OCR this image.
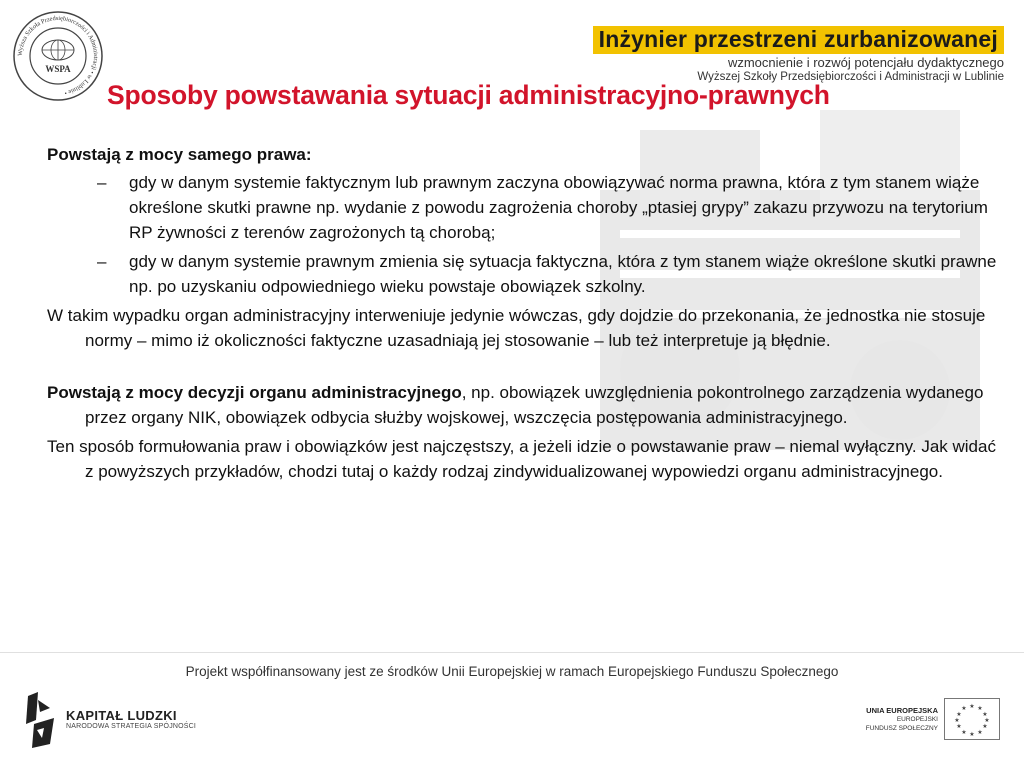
Wyższa Szkoła Przedsiębiorczości i Administracji • w Lublinie •
WSPA
Inżynier przestrzeni zurbanizowanej
wzmocnienie i rozwój potencjału dydaktycznego
Wyższej Szkoły Przedsiębiorczości i Administracji w Lublinie
Sposoby powstawania sytuacji administracyjno-prawnych

Powstają z mocy samego prawa:

– gdy w danym systemie faktycznym lub prawnym zaczyna obowiązywać norma prawna, która z tym stanem wiąże określone skutki prawne np. wydanie z powodu zagrożenia choroby „ptasiej grypy” zakazu przywozu na terytorium RP żywności z terenów zagrożonych tą chorobą;

– gdy w danym systemie prawnym zmienia się sytuacja faktyczna, która z tym stanem wiąże określone skutki prawne np. po uzyskaniu odpowiedniego wieku powstaje obowiązek szkolny.

W takim wypadku organ administracyjny interweniuje jedynie wówczas, gdy dojdzie do przekonania, że jednostka nie stosuje normy – mimo iż okoliczności faktyczne uzasadniają jej stosowanie – lub też interpretuje ją błędnie.

Powstają z mocy decyzji organu administracyjnego, np. obowiązek uwzględnienia pokontrolnego zarządzenia wydanego przez organy NIK, obowiązek odbycia służby wojskowej, wszczęcia postępowania administracyjnego.

Ten sposób formułowania praw i obowiązków jest najczęstszy, a jeżeli idzie o powstawanie praw – niemal wyłączny. Jak widać z powyższych przykładów, chodzi tutaj o każdy rodzaj zindywidualizowanej wypowiedzi organu administracyjnego.

Projekt współfinansowany jest ze środków Unii Europejskiej w ramach Europejskiego Funduszu Społecznego
KAPITAŁ LUDZKI
NARODOWA STRATEGIA SPÓJNOŚCI
UNIA EUROPEJSKA
EUROPEJSKI
FUNDUSZ SPOŁECZNY
★ ★
★
★
★
★
★
★
★
★
★
★
